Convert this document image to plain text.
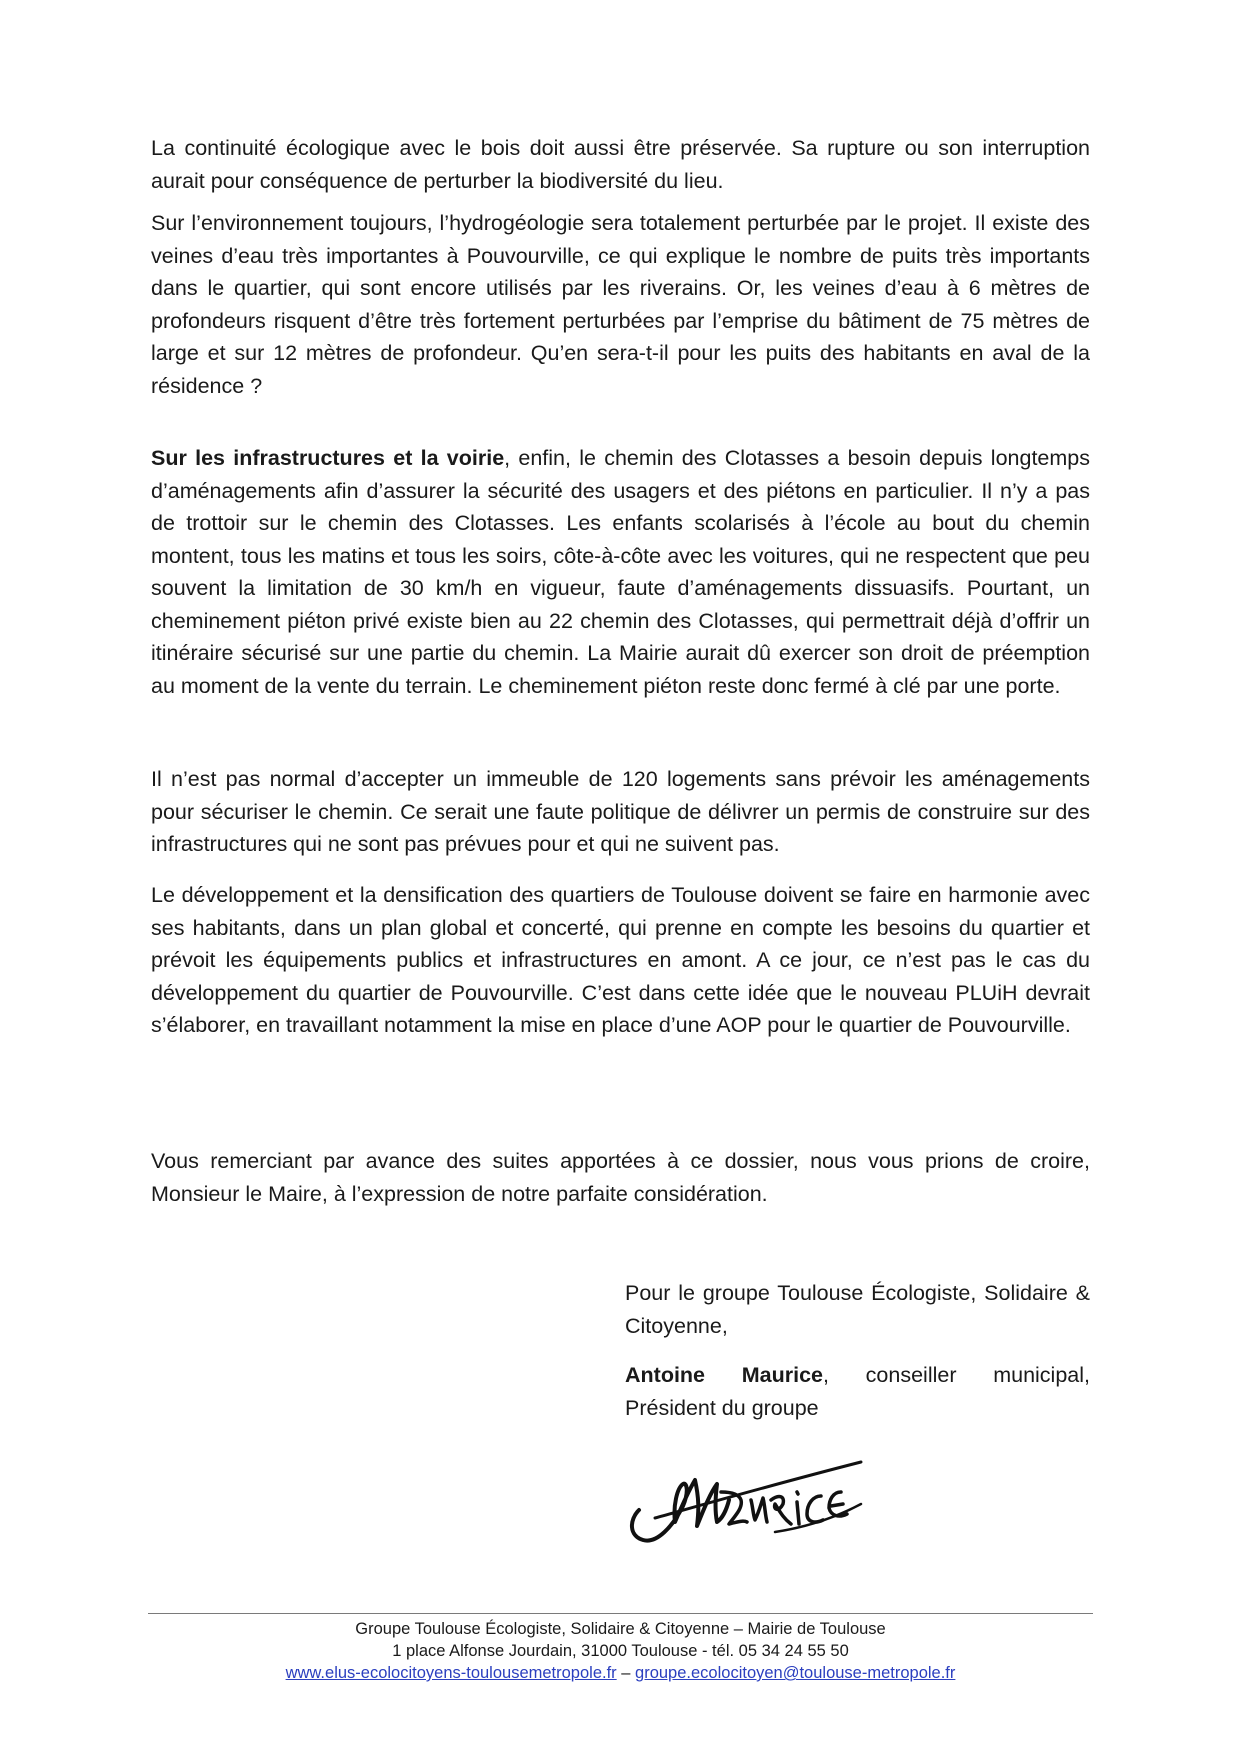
La continuité écologique avec le bois doit aussi être préservée. Sa rupture ou son interruption aurait pour conséquence de perturber la biodiversité du lieu.

Sur l’environnement toujours, l’hydrogéologie sera totalement perturbée par le projet. Il existe des veines d’eau très importantes à Pouvourville, ce qui explique le nombre de puits très importants dans le quartier, qui sont encore utilisés par les riverains. Or, les veines d’eau à 6 mètres de profondeurs risquent d’être très fortement perturbées par l’emprise du bâtiment de 75 mètres de large et sur 12 mètres de profondeur. Qu’en sera-t-il pour les puits des habitants en aval de la résidence ?

Sur les infrastructures et la voirie, enfin, le chemin des Clotasses a besoin depuis longtemps d’aménagements afin d’assurer la sécurité des usagers et des piétons en particulier. Il n’y a pas de trottoir sur le chemin des Clotasses. Les enfants scolarisés à l’école au bout du chemin montent, tous les matins et tous les soirs, côte-à-côte avec les voitures, qui ne respectent que peu souvent la limitation de 30 km/h en vigueur, faute d’aménagements dissuasifs. Pourtant, un cheminement piéton privé existe bien au 22 chemin des Clotasses, qui permettrait déjà d’offrir un itinéraire sécurisé sur une partie du chemin. La Mairie aurait dû exercer son droit de préemption au moment de la vente du terrain. Le cheminement piéton reste donc fermé à clé par une porte.

Il n’est pas normal d’accepter un immeuble de 120 logements sans prévoir les aménagements pour sécuriser le chemin. Ce serait une faute politique de délivrer un permis de construire sur des infrastructures qui ne sont pas prévues pour et qui ne suivent pas.

Le développement et la densification des quartiers de Toulouse doivent se faire en harmonie avec ses habitants, dans un plan global et concerté, qui prenne en compte les besoins du quartier et prévoit les équipements publics et infrastructures en amont. A ce jour, ce n’est pas le cas du développement du quartier de Pouvourville. C’est dans cette idée que le nouveau PLUiH devrait s’élaborer, en travaillant notamment la mise en place d’une AOP pour le quartier de Pouvourville.

Vous remerciant par avance des suites apportées à ce dossier, nous vous prions de croire, Monsieur le Maire, à l’expression de notre parfaite considération.

Pour le groupe Toulouse Écologiste, Solidaire & Citoyenne,

Antoine Maurice, conseiller municipal, Président du groupe

Groupe Toulouse Écologiste, Solidaire & Citoyenne – Mairie de Toulouse

1 place Alfonse Jourdain, 31000 Toulouse - tél. 05 34 24 55 50

www.elus-ecolocitoyens-toulousemetropole.fr – groupe.ecolocitoyen@toulouse-metropole.fr
